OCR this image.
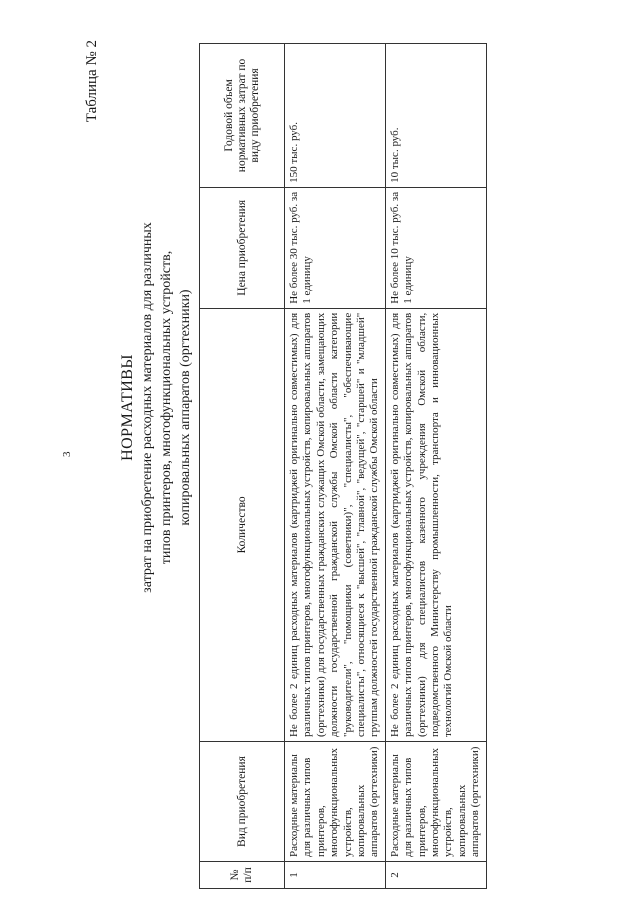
3
Таблица № 2
НОРМАТИВЫ затрат на приобретение расходных материалов для различных типов принтеров, многофункциональных устройств, копировальных аппаратов (оргтехники)
№ п/п	Вид приобретения	Количество	Цена приобретения	Годовой объем нормативных затрат по виду приобретения
1	Расходные материалы для различных типов принтеров, многофункциональных устройств, копировальных аппаратов (оргтехники)	Не более 2 единиц расходных материалов (картриджей оригинально совместимых) для различных типов принтеров, многофункциональных устройств, копировальных аппаратов (оргтехники) для государственных гражданских служащих Омской области, замещающих должности государственной гражданской службы Омской области категории "руководители", "помощники (советники)", "специалисты", "обеспечивающие специалисты", относящиеся к "высшей", "главной", "ведущей", "старшей" и "младшей" группам должностей государственной гражданской службы Омской области	Не более 30 тыс. руб. за 1 единицу	150 тыс. руб.
2	Расходные материалы для различных типов принтеров, многофункциональных устройств, копировальных аппаратов (оргтехники)	Не более 2 единиц расходных материалов (картриджей оригинально совместимых) для различных типов принтеров, многофункциональных устройств, копировальных аппаратов (оргтехники) для специалистов казенного учреждения Омской области, подведомственного Министерству промышленности, транспорта и инновационных технологий Омской области	Не более 10 тыс. руб. за 1 единицу	10 тыс. руб.
